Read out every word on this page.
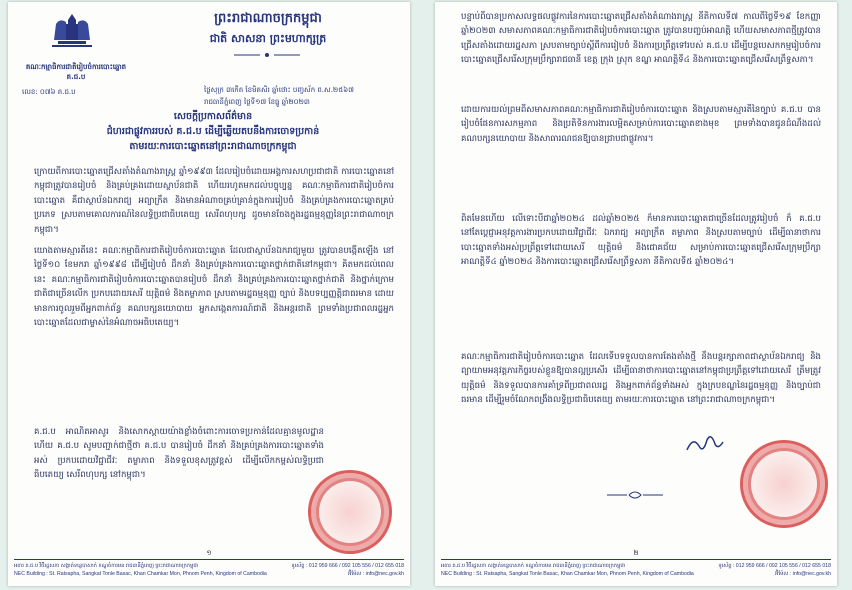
ព្រះរាជាណាចក្រកម្ពុជា
ជាតិ សាសនា ព្រះមហាក្សត្រ
គណៈកម្មាធិការជាតិរៀបចំការបោះឆ្នោត
គ.ជ.ប
លេខ: ០៧៦ គ.ជ.ប	ថ្ងៃសុក្រ ៣កើត ខែមិគសិរ ឆ្នាំថោះ បញ្ចស័ក ព.ស.២៥៦៧
រាជធានីភ្នំពេញ ថ្ងៃទី១៧ ខែធ្នូ ឆ្នាំ២០២៣
សេចក្តីប្រកាសព័ត៌មាន
ជំហរជាផ្លូវការរបស់ គ.ជ.ប ដើម្បីឆ្លើយតបនឹងការចោទប្រកាន់
តាមរយៈការបោះឆ្នោតនៅព្រះរាជាណាចក្រកម្ពុជា

ក្រោយពីការបោះឆ្នោតជ្រើសតាំងតំណាងរាស្ត្រ ឆ្នាំ១៩៩៣ ដែលរៀបចំដោយអង្គការសហប្រជាជាតិ ការបោះឆ្នោតនៅកម្ពុជាត្រូវបានរៀបចំ និងគ្រប់គ្រងដោយស្ថាប័នជាតិ ហើយរហូតមកដល់បច្ចុប្បន្ន គណៈកម្មាធិការជាតិរៀបចំការបោះឆ្នោត គឺជាស្ថាប័នឯករាជ្យ អព្យាក្រឹត និងមានអំណាចគ្រប់គ្រាន់ក្នុងការរៀបចំ និងគ្រប់គ្រងការបោះឆ្នោតគ្រប់ប្រភេទ ស្របតាមគោលការណ៍នៃលទ្ធិប្រជាធិបតេយ្យ សេរីពហុបក្ស ដូចមានចែងក្នុងរដ្ឋធម្មនុញ្ញនៃព្រះរាជាណាចក្រកម្ពុជា។

យោងតាមស្មារតីនេះ គណៈកម្មាធិការជាតិរៀបចំការបោះឆ្នោត ដែលជាស្ថាប័នឯករាជ្យមួយ ត្រូវបានបង្កើតឡើង នៅថ្ងៃទី១០ ខែមករា ឆ្នាំ១៩៩៨ ដើម្បីរៀបចំ ដឹកនាំ និងគ្រប់គ្រងការបោះឆ្នោតថ្នាក់ជាតិនៅកម្ពុជា។ គិតមកដល់ពេលនេះ គណៈកម្មាធិការជាតិរៀបចំការបោះឆ្នោតបានរៀបចំ ដឹកនាំ និងគ្រប់គ្រងការបោះឆ្នោតថ្នាក់ជាតិ និងថ្នាក់ក្រោមជាតិជាច្រើនលើក ប្រកបដោយសេរី យុត្តិធម៌ និងតម្លាភាព ស្របតាមរដ្ឋធម្មនុញ្ញ ច្បាប់ និងបទប្បញ្ញត្តិជាធរមាន ដោយមានការចូលរួមពីអ្នកពាក់ព័ន្ធ គណបក្សនយោបាយ អ្នកសង្កេតការណ៍ជាតិ និងអន្តរជាតិ ព្រមទាំងប្រជាពលរដ្ឋអ្នកបោះឆ្នោតដែលជាម្ចាស់នៃអំណាចអធិបតេយ្យ។

គ.ជ.ប អាណិតអាសូរ និងសោកស្តាយយ៉ាងខ្លាំងចំពោះការចោទប្រកាន់ដែលគ្មានមូលដ្ឋាន ហើយ គ.ជ.ប សូមបញ្ជាក់ជាថ្មីថា គ.ជ.ប បានរៀបចំ ដឹកនាំ និងគ្រប់គ្រងការបោះឆ្នោតទាំងអស់ ប្រកបដោយវិជ្ជាជីវៈ តម្លាភាព និងទទួលខុសត្រូវខ្ពស់ ដើម្បីលើកកម្ពស់លទ្ធិប្រជាធិបតេយ្យ សេរីពហុបក្ស នៅកម្ពុជា។

១
អគារ គ.ជ.ប វិថីរដ្ឋសភា សង្កាត់ទន្លេបាសាក់ ខណ្ឌចំការមន រាជធានីភ្នំពេញ ព្រះរាជាណាចក្រកម្ពុជា
NEC Building : St. Ratsapha, Sangkat Tonle Basac, Khan Chamkar Mon, Phnom Penh, Kingdom of Cambodia
ទូរស័ព្ទ : 012 959 666 / 092 105 556 / 012 655 018
អ៊ីម៉ែល : info@nec.gov.kh

បន្ទាប់ពីបានប្រកាសលទ្ធផលផ្លូវការនៃការបោះឆ្នោតជ្រើសតាំងតំណាងរាស្ត្រ នីតិកាលទី៧ កាលពីថ្ងៃទី១៩ ខែកញ្ញា ឆ្នាំ២០២៣ សមាសភាពគណៈកម្មាធិការជាតិរៀបចំការបោះឆ្នោត ត្រូវបានបញ្ចប់អាណត្តិ ហើយសមាសភាពថ្មីត្រូវបានជ្រើសតាំងដោយរដ្ឋសភា ស្របតាមច្បាប់ស្តីពីការរៀបចំ និងការប្រព្រឹត្តទៅរបស់ គ.ជ.ប ដើម្បីបន្តបេសកកម្មរៀបចំការបោះឆ្នោតជ្រើសរើសក្រុមប្រឹក្សារាជធានី ខេត្ត ក្រុង ស្រុក ខណ្ឌ អាណត្តិទី៤ និងការបោះឆ្នោតជ្រើសរើសព្រឹទ្ធសភា។

ដោយការយល់ព្រមពីសមាសភាពគណៈកម្មាធិការជាតិរៀបចំការបោះឆ្នោត និងស្របតាមស្មារតីនៃច្បាប់ គ.ជ.ប បានរៀបចំផែនការសកម្មភាព និងប្រតិទិនការងារលម្អិតសម្រាប់ការបោះឆ្នោតខាងមុខ ព្រមទាំងបានជូនដំណឹងដល់គណបក្សនយោបាយ និងសាធារណជនឱ្យបានជ្រាបជាផ្លូវការ។

ពិតមែនហើយ លើទោះបីជាឆ្នាំ២០២៤ ដល់ឆ្នាំ២០២៥ ក៏មានការបោះឆ្នោតជាច្រើនដែលត្រូវរៀបចំ ក៏ គ.ជ.ប នៅតែប្តេជ្ញាអនុវត្តការងារប្រកបដោយវិជ្ជាជីវៈ ឯករាជ្យ អព្យាក្រឹត តម្លាភាព និងស្របតាមច្បាប់ ដើម្បីធានាថាការបោះឆ្នោតទាំងអស់ប្រព្រឹត្តទៅដោយសេរី យុត្តិធម៌ និងជោគជ័យ សម្រាប់ការបោះឆ្នោតជ្រើសរើសក្រុមប្រឹក្សា អាណត្តិទី៤ ឆ្នាំ២០២៤ និងការបោះឆ្នោតជ្រើសរើសព្រឹទ្ធសភា នីតិកាលទី៥ ឆ្នាំ២០២៤។

គណៈកម្មាធិការជាតិរៀបចំការបោះឆ្នោត ដែលទើបទទួលបានការតែងតាំងថ្មី នឹងបន្តរក្សាភាពជាស្ថាប័នឯករាជ្យ និងព្យាយាមអនុវត្តភារកិច្ចរបស់ខ្លួនឱ្យបានល្អប្រសើរ ដើម្បីធានាថាការបោះឆ្នោតនៅកម្ពុជាប្រព្រឹត្តទៅដោយសេរី ត្រឹមត្រូវ យុត្តិធម៌ និងទទួលបានការគាំទ្រពីប្រជាពលរដ្ឋ និងអ្នកពាក់ព័ន្ធទាំងអស់ ក្នុងក្របខណ្ឌនៃរដ្ឋធម្មនុញ្ញ និងច្បាប់ជាធរមាន ដើម្បីរួមចំណែកពង្រឹងលទ្ធិប្រជាធិបតេយ្យ តាមរយៈការបោះឆ្នោត នៅព្រះរាជាណាចក្រកម្ពុជា។

២
អគារ គ.ជ.ប វិថីរដ្ឋសភា សង្កាត់ទន្លេបាសាក់ ខណ្ឌចំការមន រាជធានីភ្នំពេញ ព្រះរាជាណាចក្រកម្ពុជា
NEC Building : St. Ratsapha, Sangkat Tonle Basac, Khan Chamkar Mon, Phnom Penh, Kingdom of Cambodia
ទូរស័ព្ទ : 012 959 666 / 092 105 556 / 012 655 018
អ៊ីម៉ែល : info@nec.gov.kh
